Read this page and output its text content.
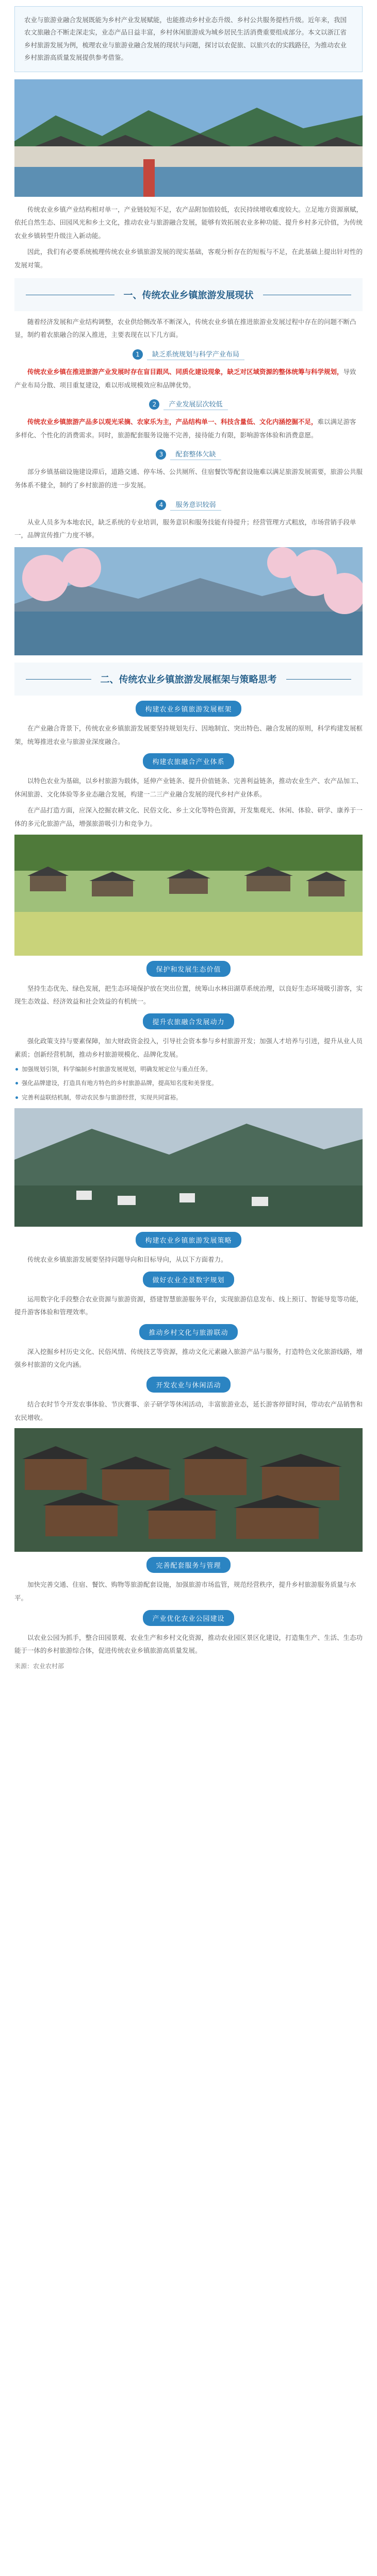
农业与旅游业融合发展既能为乡村产业发展赋能，也能推动乡村业态升级、乡村公共服务提档升级。近年来，我国农文旅融合不断走深走实，业态产品日益丰富，乡村休闲旅游成为城乡居民生活消费重要组成部分。本文以浙江省乡村旅游发展为例，梳理农业与旅游业融合发展的现状与问题，探讨以农促旅、以旅兴农的实践路径，为推动农业乡村旅游高质量发展提供参考借鉴。

传统农业乡镇产业结构相对单一，产业链较短不足，农产品附加值较低，农民持续增收难度较大。立足地方资源禀赋，依托自然生态、田园风光和乡土文化，推动农业与旅游融合发展，能够有效拓展农业多种功能、提升乡村多元价值，为传统农业乡镇转型升级注入新动能。

因此，我们有必要系统梳理传统农业乡镇旅游发展的现实基础，客观分析存在的短板与不足，在此基础上提出针对性的发展对策。

一、传统农业乡镇旅游发展现状

随着经济发展和产业结构调整，农业供给侧改革不断深入，传统农业乡镇在推进旅游业发展过程中存在的问题不断凸显，制约着农旅融合的深入推进，主要表现在以下几方面。

1	缺乏系统规划与科学产业布局

传统农业乡镇在推进旅游产业发展时存在盲目跟风、同质化建设现象，缺乏对区域资源的整体统筹与科学规划，导致产业布局分散、项目重复建设，难以形成规模效应和品牌优势。

2	产业发展层次较低

传统农业乡镇旅游产品多以观光采摘、农家乐为主，产品结构单一、科技含量低、文化内涵挖掘不足，难以满足游客多样化、个性化的消费需求。同时，旅游配套服务设施不完善，接待能力有限，影响游客体验和消费意愿。

3	配套整体欠缺

部分乡镇基础设施建设滞后，道路交通、停车场、公共厕所、住宿餐饮等配套设施难以满足旅游发展需要，旅游公共服务体系不健全，制约了乡村旅游的进一步发展。

4	服务意识较弱

从业人员多为本地农民，缺乏系统的专业培训，服务意识和服务技能有待提升；经营管理方式粗放，市场营销手段单一，品牌宣传推广力度不够。

二、传统农业乡镇旅游发展框架与策略思考
构建农业乡镇旅游发展框架

在产业融合背景下，传统农业乡镇旅游发展要坚持规划先行、因地制宜、突出特色、融合发展的原则，科学构建发展框架，统筹推进农业与旅游业深度融合。

构建农旅融合产业体系

以特色农业为基础，以乡村旅游为载体，延伸产业链条、提升价值链条、完善利益链条，推动农业生产、农产品加工、休闲旅游、文化体验等多业态融合发展，构建一二三产业融合发展的现代乡村产业体系。

在产品打造方面，应深入挖掘农耕文化、民俗文化、乡土文化等特色资源，开发集观光、休闲、体验、研学、康养于一体的多元化旅游产品，增强旅游吸引力和竞争力。

保护和发展生态价值

坚持生态优先、绿色发展，把生态环境保护放在突出位置，统筹山水林田湖草系统治理，以良好生态环境吸引游客，实现生态效益、经济效益和社会效益的有机统一。

提升农旅融合发展动力

强化政策支持与要素保障，加大财政资金投入，引导社会资本参与乡村旅游开发；加强人才培养与引进，提升从业人员素质；创新经营机制，推动乡村旅游规模化、品牌化发展。

加强规划引领，科学编制乡村旅游发展规划，明确发展定位与重点任务。
强化品牌建设，打造具有地方特色的乡村旅游品牌，提高知名度和美誉度。
完善利益联结机制，带动农民参与旅游经营，实现共同富裕。
构建农业乡镇旅游发展策略

传统农业乡镇旅游发展要坚持问题导向和目标导向，从以下方面着力。

做好农业全景数字规划

运用数字化手段整合农业资源与旅游资源，搭建智慧旅游服务平台，实现旅游信息发布、线上预订、智能导览等功能，提升游客体验和管理效率。

推动乡村文化与旅游联动

深入挖掘乡村历史文化、民俗风情、传统技艺等资源，推动文化元素融入旅游产品与服务，打造特色文化旅游线路，增强乡村旅游的文化内涵。

开发农业与休闲活动

结合农时节令开发农事体验、节庆赛事、亲子研学等休闲活动，丰富旅游业态，延长游客停留时间，带动农产品销售和农民增收。

完善配套服务与管理

加快完善交通、住宿、餐饮、购物等旅游配套设施，加强旅游市场监管，规范经营秩序，提升乡村旅游服务质量与水平。

产业优化农业公园建设

以农业公园为抓手，整合田园景观、农业生产和乡村文化资源，推动农业园区景区化建设，打造集生产、生活、生态功能于一体的乡村旅游综合体，促进传统农业乡镇旅游高质量发展。

来源：农业农村部
